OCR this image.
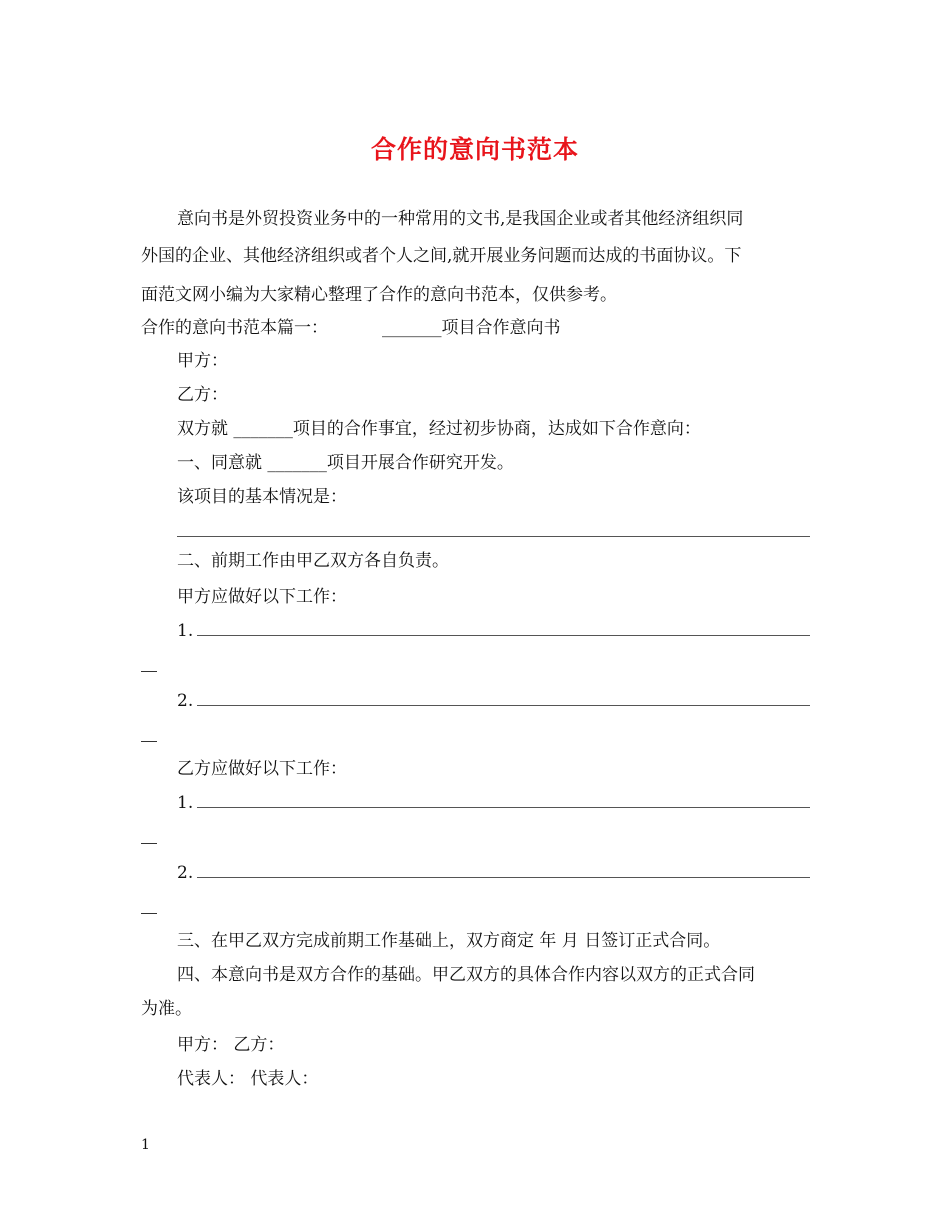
合作的意向书范本
意向书是外贸投资业务中的一种常用的文书,是我国企业或者其他经济组织同
外国的企业、其他经济组织或者个人之间,就开展业务问题而达成的书面协议。下
面范文网小编为大家精心整理了合作的意向书范本，仅供参考。
合作的意向书范本篇一：	_______项目合作意向书
甲方：
乙方：
双方就 _______项目的合作事宜，经过初步协商，达成如下合作意向：
一、同意就 _______项目开展合作研究开发。
该项目的基本情况是：
二、前期工作由甲乙双方各自负责。
甲方应做好以下工作：
1.
2.
乙方应做好以下工作：
1.
2.
三、在甲乙双方完成前期工作基础上，双方商定 年 月 日签订正式合同。
四、本意向书是双方合作的基础。甲乙双方的具体合作内容以双方的正式合同
为准。
甲方： 乙方：
代表人： 代表人：
1
